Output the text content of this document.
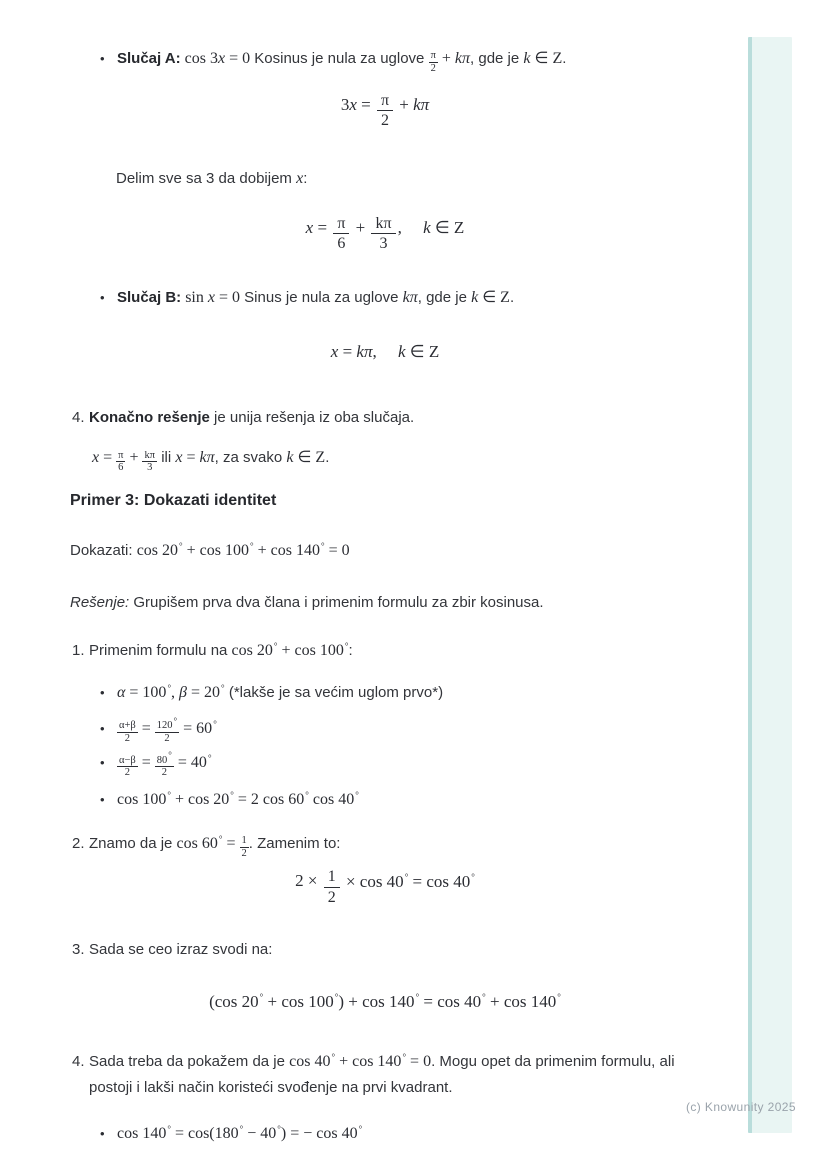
• Slučaj A: cos 3x = 0 Kosinus je nula za uglove $\frac{\pi}{2} + k\pi$, gde je k ∈ Z.
$3x = \frac{\pi}{2} + k\pi$
Delim sve sa 3 da dobijem x:
$x = \frac{\pi}{6} + \frac{k\pi}{3}$ ,  k ∈ Z
• Slučaj B: sin x = 0 Sinus je nula za uglove kπ, gde je k ∈ Z.
x = kπ,  k ∈ Z
4. Konačno rešenje je unija rešenja iz oba slučaja.
$x = \frac{\pi}{6} + \frac{k\pi}{3}$ ili x = kπ, za svako k ∈ Z.
Primer 3: Dokazati identitet
Dokazati: cos 20° + cos 100° + cos 140° = 0
Rešenje: Grupišem prva dva člana i primenim formulu za zbir kosinusa.
1. Primenim formulu na cos 20° + cos 100°:
• α = 100°, β = 20° (*lakše je sa većim uglom prvo*)
•	$\frac{\alpha+\beta}{2} = \frac{120^\circ}{2} = 60^\circ$
•	$\frac{\alpha-\beta}{2} = \frac{80^\circ}{2} = 40^\circ$
• cos 100° + cos 20° = 2 cos 60° cos 40°
2. Znamo da je $\cos 60^\circ = \frac{1}{2}$ . Zamenim to:
$2 \times \frac{1}{2} \times \cos 40^\circ = \cos 40^\circ$
3. Sada se ceo izraz svodi na:
(cos 20° + cos 100°) + cos 140° = cos 40° + cos 140°
4. Sada treba da pokažem da je cos 40° + cos 140° = 0. Mogu opet da primenim formulu, ali postoji i lakši način koristeći svođenje na prvi kvadrant.
• cos 140° = cos(180° − 40°) = − cos 40°
(c) Knowunity 2025
